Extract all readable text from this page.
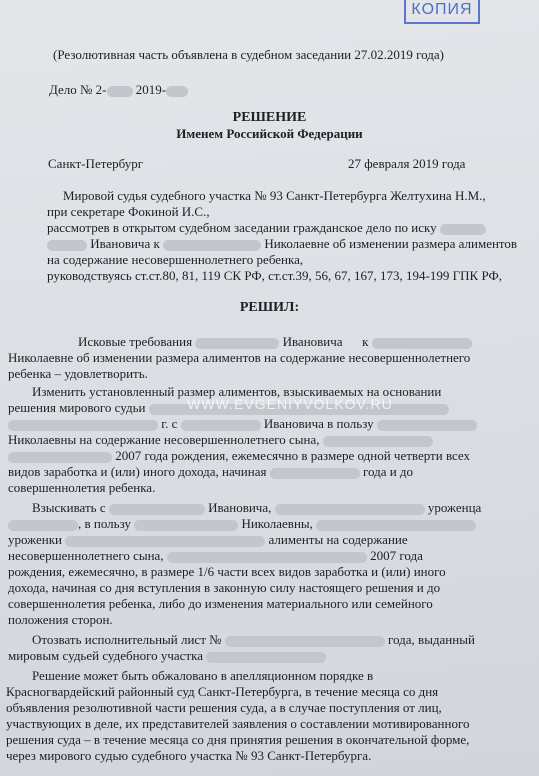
КОПИЯ
(Резолютивная часть объявлена в судебном заседании 27.02.2019 года)
Дело № 2- 2019-
РЕШЕНИЕ
Именем Российской Федерации
Санкт-Петербург	27 февраля 2019 года
Мировой судья судебного участка № 93 Санкт-Петербурга Желтухина Н.М.,
при секретаре Фокиной И.С.,
рассмотрев в открытом судебном заседании гражданское дело по иску
Ивановича к	Николаевне об изменении размера алиментов
на содержание несовершеннолетнего ребенка,
руководствуясь ст.ст.80, 81, 119 СК РФ, ст.ст.39, 56, 67, 167, 173, 194-199 ГПК РФ,
РЕШИЛ:
Исковые требования	Ивановича к
Николаевне об изменении размера алиментов на содержание несовершеннолетнего
ребенка – удовлетворить.
Изменить установленный размер алиментов, взыскиваемых на основании
решения мирового судьи
г. с	Ивановича в пользу
Николаевны на содержание несовершеннолетнего сына,
2007 года рождения, ежемесячно в размере одной четверти всех
видов заработка и (или) иного дохода, начиная	года и до
совершеннолетия ребенка.
Взыскивать с	Ивановича,	уроженца
, в пользу	Николаевны,
уроженки	алименты на содержание
несовершеннолетнего сына,	2007 года
рождения, ежемесячно, в размере 1/6 части всех видов заработка и (или) иного
дохода, начиная со дня вступления в законную силу настоящего решения и до
совершеннолетия ребенка, либо до изменения материального или семейного
положения сторон.
Отозвать исполнительный лист №	года, выданный
мировым судьей судебного участка
Решение может быть обжаловано в апелляционном порядке в
Красногвардейский районный суд Санкт-Петербурга, в течение месяца со дня
объявления резолютивной части решения суда, а в случае поступления от лиц,
участвующих в деле, их представителей заявления о составлении мотивированного
решения суда – в течение месяца со дня принятия решения в окончательной форме,
через мирового судью судебного участка № 93 Санкт-Петербурга.
WWW.EVGENIYVOLKOV.RU
